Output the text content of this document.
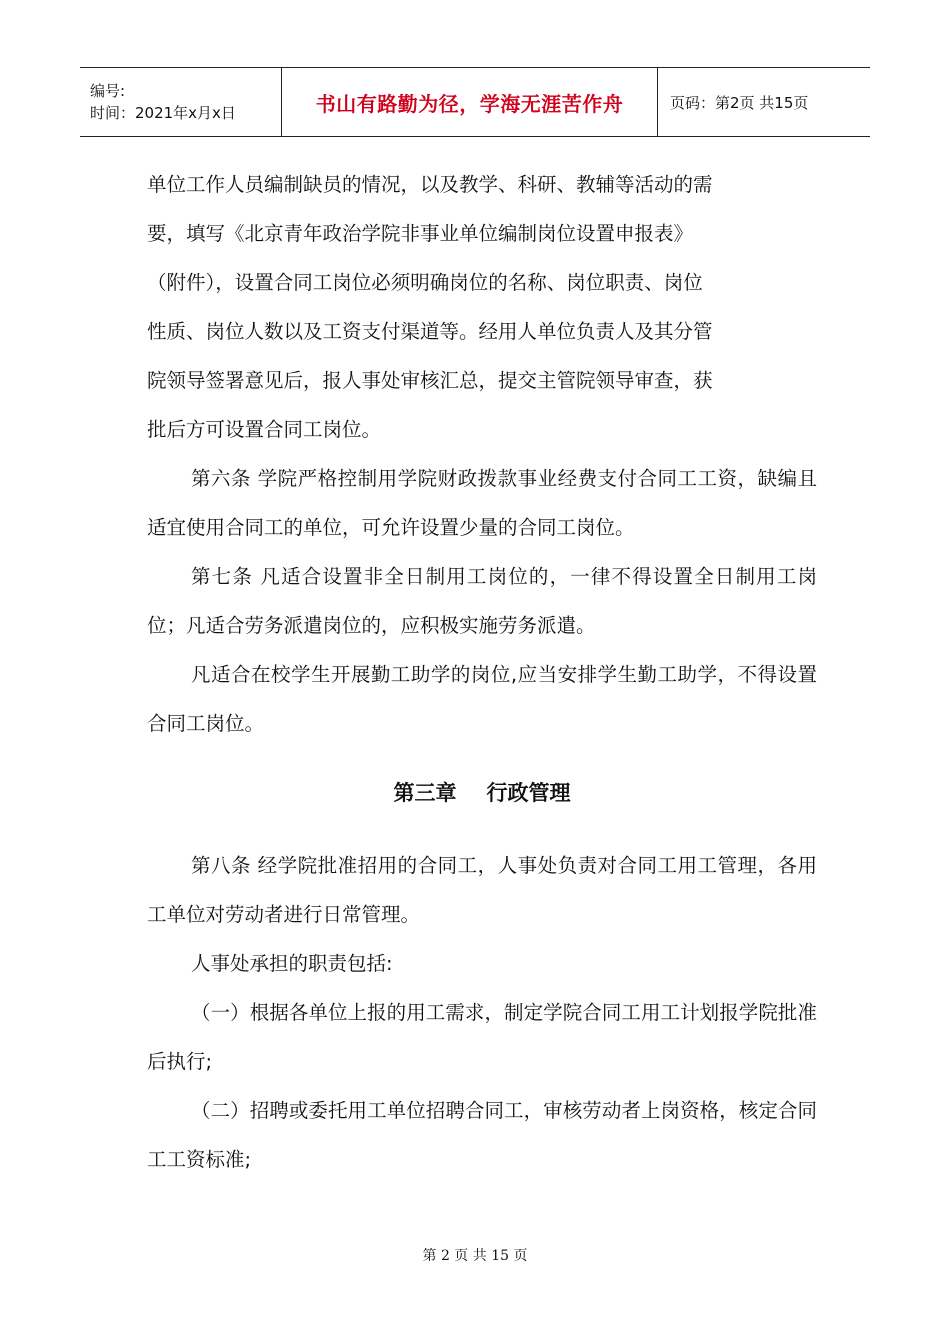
编号:
时间：2021年x月x日	书山有路勤为径，学海无涯苦作舟	页码：第2页 共15页

单位工作人员编制缺员的情况，以及教学、科研、教辅等活动的需

要，填写《北京青年政治学院非事业单位编制岗位设置申报表》

（附件），设置合同工岗位必须明确岗位的名称、岗位职责、岗位

性质、岗位人数以及工资支付渠道等。经用人单位负责人及其分管

院领导签署意见后，报人事处审核汇总，提交主管院领导审查，获

批后方可设置合同工岗位。

第六条 学院严格控制用学院财政拨款事业经费支付合同工工资，缺编且适宜使用合同工的单位，可允许设置少量的合同工岗位。

第七条 凡适合设置非全日制用工岗位的，一律不得设置全日制用工岗位；凡适合劳务派遣岗位的，应积极实施劳务派遣。

凡适合在校学生开展勤工助学的岗位,应当安排学生勤工助学，不得设置合同工岗位。

第三章 行政管理

第八条 经学院批准招用的合同工，人事处负责对合同工用工管理，各用工单位对劳动者进行日常管理。

人事处承担的职责包括:

（一）根据各单位上报的用工需求，制定学院合同工用工计划报学院批准后执行;

（二）招聘或委托用工单位招聘合同工，审核劳动者上岗资格，核定合同工工资标准;

第 2 页 共 15 页
